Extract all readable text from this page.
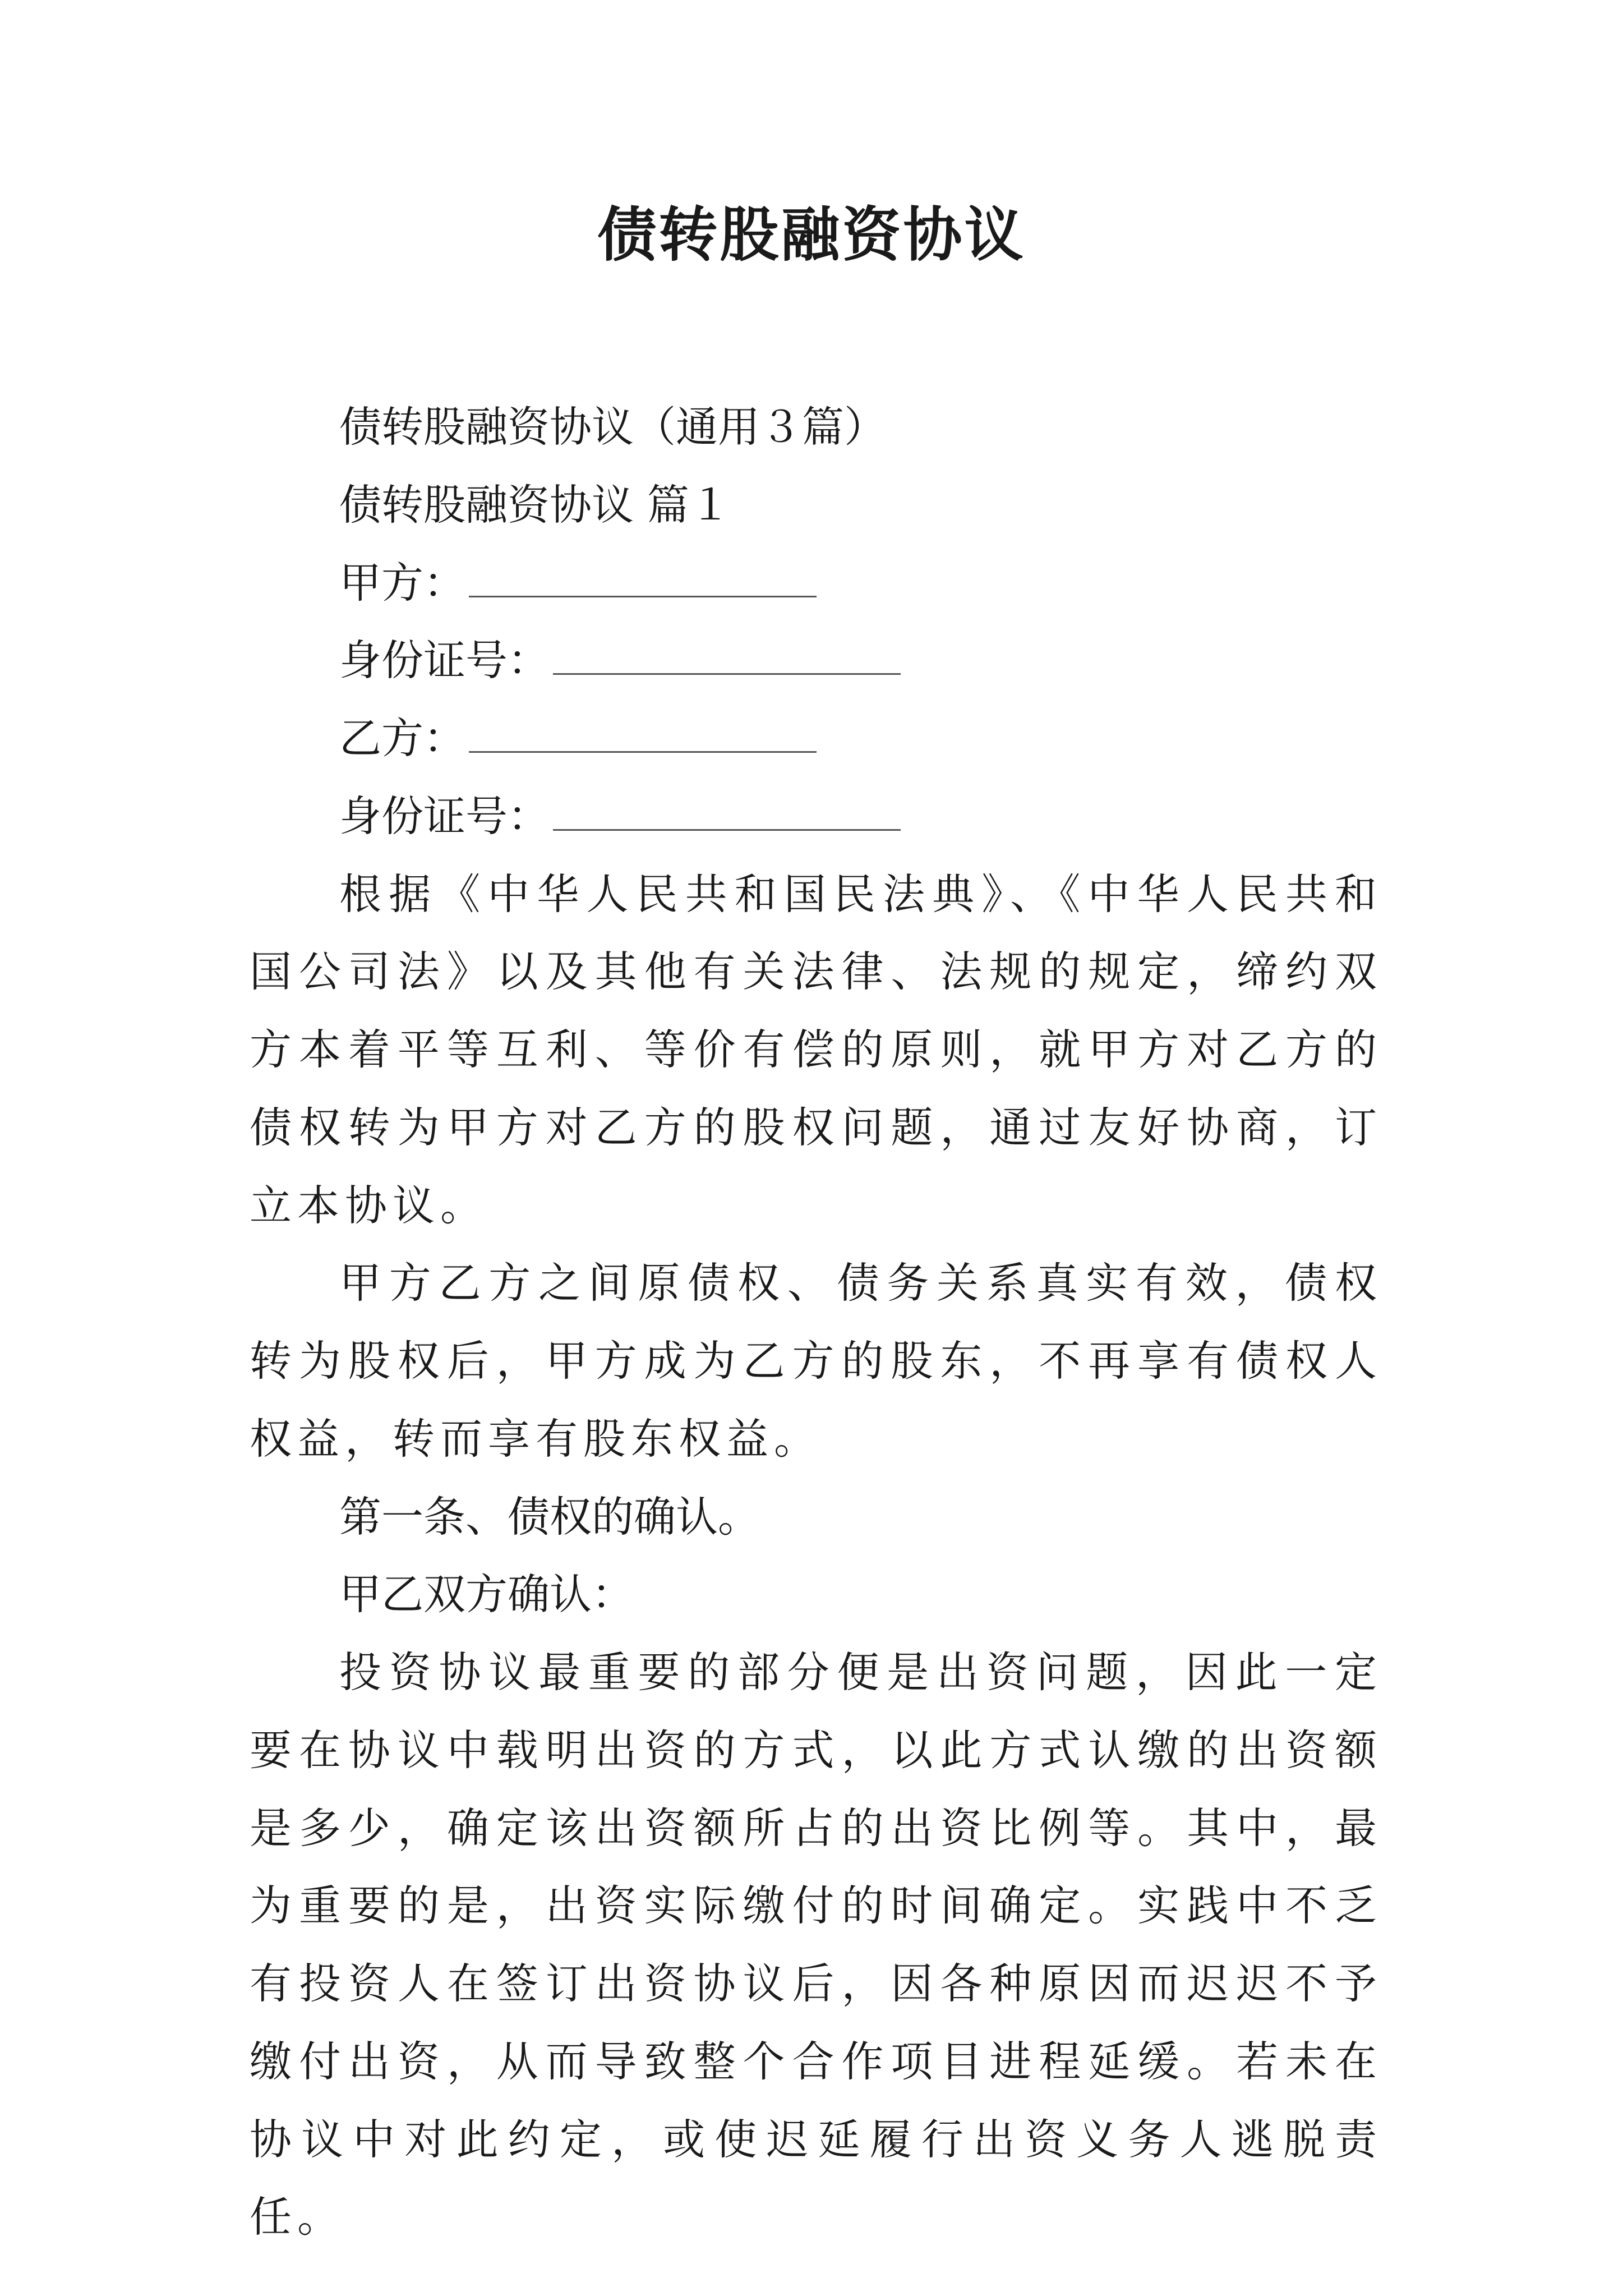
债转股融资协议

债转股融资协议（通用３篇）

债转股融资协议 篇１

甲方：

身份证号：

乙方：

身份证号：

根据《中华人民共和国民法典》、《中华人民共和国公司法》以及其他有关法律、法规的规定，缔约双方本着平等互利、等价有偿的原则，就甲方对乙方的债权转为甲方对乙方的股权问题，通过友好协商，订立本协议。

甲方乙方之间原债权、债务关系真实有效，债权转为股权后，甲方成为乙方的股东，不再享有债权人权益，转而享有股东权益。

第一条、债权的确认。

甲乙双方确认：

投资协议最重要的部分便是出资问题，因此一定要在协议中载明出资的方式，以此方式认缴的出资额是多少，确定该出资额所占的出资比例等。其中，最为重要的是，出资实际缴付的时间确定。实践中不乏有投资人在签订出资协议后，因各种原因而迟迟不予缴付出资，从而导致整个合作项目进程延缓。若未在协议中对此约定，或使迟延履行出资义务人逃脱责任。
